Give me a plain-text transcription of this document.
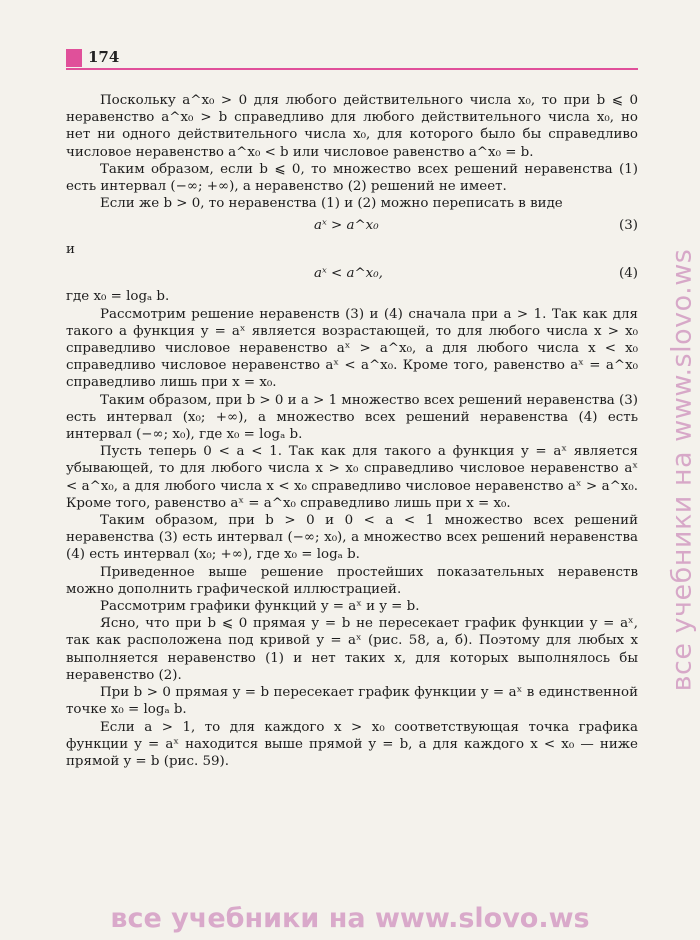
174

Поскольку a^x₀ > 0 для любого действительного числа x₀, то при b ⩽ 0 неравенство a^x₀ > b справедливо для любого действительного числа x₀, но нет ни одного действительного числа x₀, для которого было бы справедливо числовое неравенство a^x₀ < b или числовое равенство a^x₀ = b.

Таким образом, если b ⩽ 0, то множество всех решений неравенства (1) есть интервал (−∞; +∞), а неравенство (2) решений не имеет.

Если же b > 0, то неравенства (1) и (2) можно переписать в виде

aˣ > a^x₀	(3)

и

aˣ < a^x₀,	(4)

где x₀ = logₐ b.

Рассмотрим решение неравенств (3) и (4) сначала при a > 1. Так как для такого a функция y = aˣ является возрастающей, то для любого числа x > x₀ справедливо числовое неравенство aˣ > a^x₀, а для любого числа x < x₀ справедливо числовое неравенство aˣ < a^x₀. Кроме того, равенство aˣ = a^x₀ справедливо лишь при x = x₀.

Таким образом, при b > 0 и a > 1 множество всех решений неравенства (3) есть интервал (x₀; +∞), а множество всех решений неравенства (4) есть интервал (−∞; x₀), где x₀ = logₐ b.

Пусть теперь 0 < a < 1. Так как для такого a функция y = aˣ является убывающей, то для любого числа x > x₀ справедливо числовое неравенство aˣ < a^x₀, а для любого числа x < x₀ справедливо числовое неравенство aˣ > a^x₀. Кроме того, равенство aˣ = a^x₀ справедливо лишь при x = x₀.

Таким образом, при b > 0 и 0 < a < 1 множество всех решений неравенства (3) есть интервал (−∞; x₀), а множество всех решений неравенства (4) есть интервал (x₀; +∞), где x₀ = logₐ b.

Приведенное выше решение простейших показательных неравенств можно дополнить графической иллюстрацией.

Рассмотрим графики функций y = aˣ и y = b.

Ясно, что при b ⩽ 0 прямая y = b не пересекает график функции y = aˣ, так как расположена под кривой y = aˣ (рис. 58, а, б). Поэтому для любых x выполняется неравенство (1) и нет таких x, для которых выполнялось бы неравенство (2).

При b > 0 прямая y = b пересекает график функции y = aˣ в единственной точке x₀ = logₐ b.

Если a > 1, то для каждого x > x₀ соответствующая точка графика функции y = aˣ находится выше прямой y = b, а для каждого x < x₀ — ниже прямой y = b (рис. 59).

все учебники на www.slovo.ws
все учебники на www.slovo.ws
